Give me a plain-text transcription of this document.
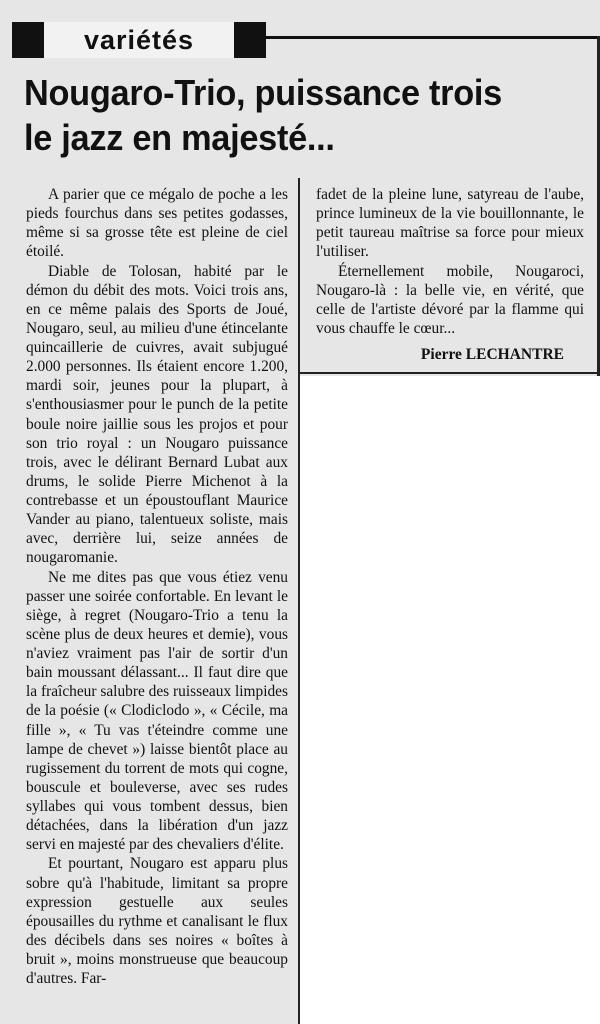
variétés
Nougaro-Trio, puissance trois
le jazz en majesté...

A parier que ce mégalo de poche a les pieds fourchus dans ses petites godasses, même si sa grosse tête est pleine de ciel étoilé.

Diable de Tolosan, habité par le démon du débit des mots. Voici trois ans, en ce même palais des Sports de Joué, Nougaro, seul, au milieu d'une étincelante quincaillerie de cuivres, avait subjugué 2.000 personnes. Ils étaient encore 1.200, mardi soir, jeunes pour la plupart, à s'enthousiasmer pour le punch de la petite boule noire jaillie sous les projos et pour son trio royal : un Nougaro puissance trois, avec le délirant Bernard Lubat aux drums, le solide Pierre Michenot à la contrebasse et un époustouflant Maurice Vander au piano, talentueux soliste, mais avec, derrière lui, seize années de nougaromanie.

Ne me dites pas que vous étiez venu passer une soirée confortable. En levant le siège, à regret (Nougaro-Trio a tenu la scène plus de deux heures et demie), vous n'aviez vraiment pas l'air de sortir d'un bain moussant délassant... Il faut dire que la fraîcheur salubre des ruisseaux limpides de la poésie (« Clodiclodo », « Cécile, ma fille », « Tu vas t'éteindre comme une lampe de chevet ») laisse bientôt place au rugissement du torrent de mots qui cogne, bouscule et bouleverse, avec ses rudes syllabes qui vous tombent dessus, bien détachées, dans la libération d'un jazz servi en majesté par des chevaliers d'élite.

Et pourtant, Nougaro est apparu plus sobre qu'à l'habitude, limitant sa propre expression gestuelle aux seules épousailles du rythme et canalisant le flux des décibels dans ses noires « boîtes à bruit », moins monstrueuse que beaucoup d'autres. Far-

fadet de la pleine lune, satyreau de l'aube, prince lumineux de la vie bouillonnante, le petit taureau maîtrise sa force pour mieux l'utiliser.

Éternellement mobile, Nougaroci, Nougaro-là : la belle vie, en vérité, que celle de l'artiste dévoré par la flamme qui vous chauffe le cœur...

Pierre LECHANTRE
